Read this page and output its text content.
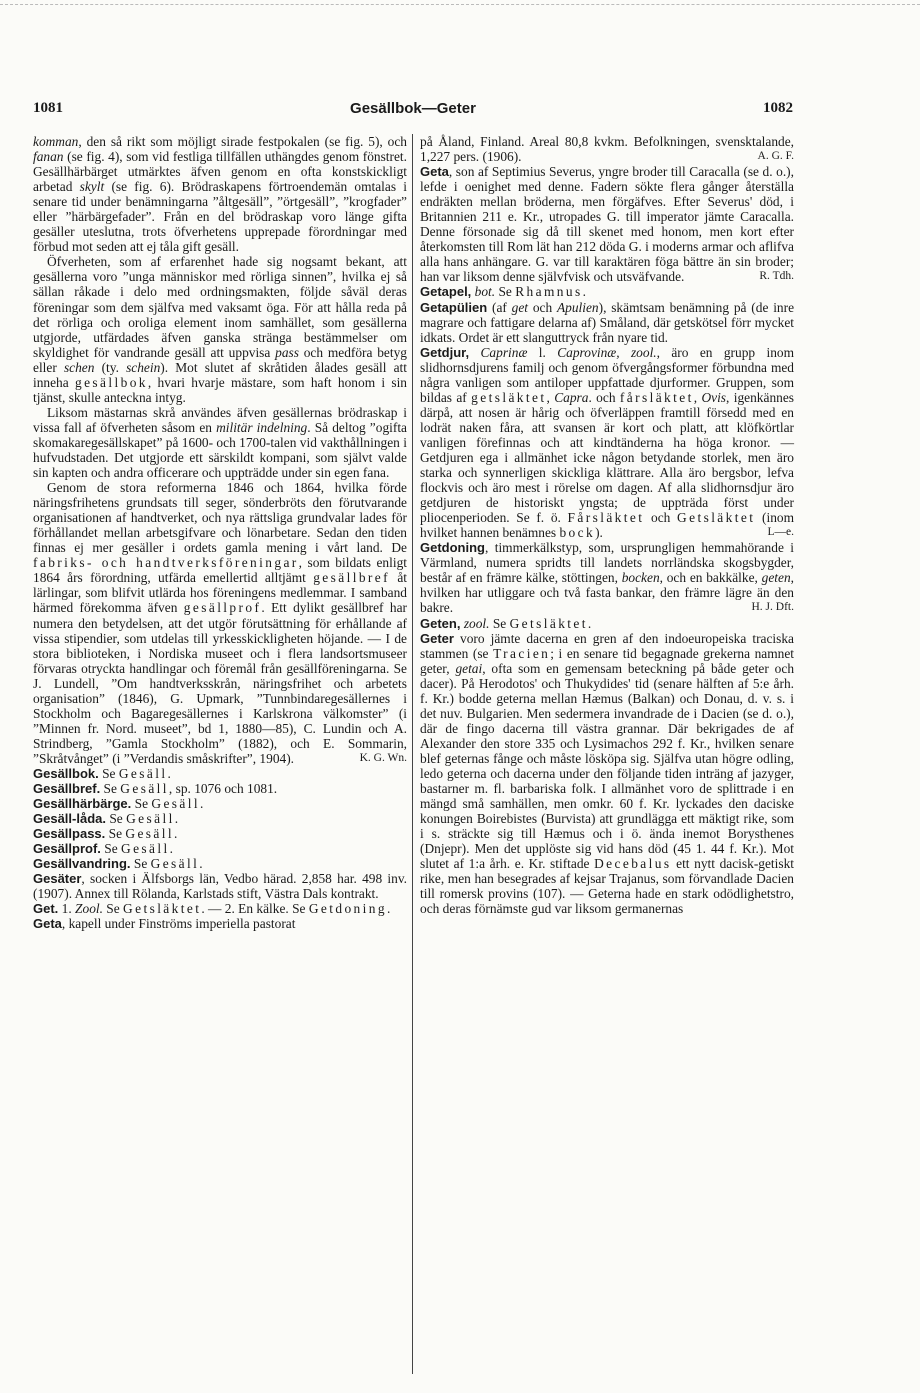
1081	Gesällbok—Geter	1082

komman, den så rikt som möjligt sirade festpokalen (se fig. 5), och fanan (se fig. 4), som vid festliga tillfällen uthängdes genom fönstret. Gesällhärbärget utmärktes äfven genom en ofta konstskickligt arbetad skylt (se fig. 6). Brödraskapens förtroendemän omtalas i senare tid under benämningarna ”åltgesäll”, ”örtgesäll”, ”krogfader” eller ”härbärgefader”. Från en del brödraskap voro länge gifta gesäller uteslutna, trots öfverhetens upprepade förordningar med förbud mot seden att ej tåla gift gesäll.

Öfverheten, som af erfarenhet hade sig nogsamt bekant, att gesällerna voro ”unga människor med rörliga sinnen”, hvilka ej så sällan råkade i delo med ordningsmakten, följde såväl deras föreningar som dem själfva med vaksamt öga. För att hålla reda på det rörliga och oroliga element inom samhället, som gesällerna utgjorde, utfärdades äfven ganska stränga bestämmelser om skyldighet för vandrande gesäll att uppvisa pass och medföra betyg eller schen (ty. schein). Mot slutet af skråtiden ålades gesäll att inneha gesällbok, hvari hvarje mästare, som haft honom i sin tjänst, skulle anteckna intyg.

Liksom mästarnas skrå användes äfven gesällernas brödraskap i vissa fall af öfverheten såsom en militär indelning. Så deltog ”ogifta skomakaregesällskapet” på 1600- och 1700-talen vid vakthållningen i hufvudstaden. Det utgjorde ett särskildt kompani, som självt valde sin kapten och andra officerare och uppträdde under sin egen fana.

Genom de stora reformerna 1846 och 1864, hvilka förde näringsfrihetens grundsats till seger, sönderbröts den förutvarande organisationen af handtverket, och nya rättsliga grundvalar lades för förhållandet mellan arbetsgifvare och lönarbetare. Sedan den tiden finnas ej mer gesäller i ordets gamla mening i vårt land. De fabriks- och handtverksföreningar, som bildats enligt 1864 års förordning, utfärda emellertid alltjämt gesällbref åt lärlingar, som blifvit utlärda hos föreningens medlemmar. I samband härmed förekomma äfven gesällprof. Ett dylikt gesällbref har numera den betydelsen, att det utgör förutsättning för erhållande af vissa stipendier, som utdelas till yrkesskickligheten höjande. — I de stora biblioteken, i Nordiska museet och i flera landsortsmuseer förvaras otryckta handlingar och föremål från gesällföreningarna. Se J. Lundell, ”Om handtverksskrån, näringsfrihet och arbetets organisation” (1846), G. Upmark, ”Tunnbindaregesällernes i Stockholm och Bagaregesällernes i Karlskrona välkomster” (i ”Minnen fr. Nord. museet”, bd 1, 1880—85), C. Lundin och A. Strindberg, ”Gamla Stockholm” (1882), och E. Sommarin, ”Skråtvånget” (i ”Verdandis småskrifter”, 1904).	K. G. Wn.

Gesällbok. Se Gesäll.

Gesällbref. Se Gesäll, sp. 1076 och 1081.

Gesällhärbärge. Se Gesäll.

Gesäll-låda. Se Gesäll.

Gesällpass. Se Gesäll.

Gesällprof. Se Gesäll.

Gesällvandring. Se Gesäll.

Gesäter, socken i Älfsborgs län, Vedbo härad. 2,858 har. 498 inv. (1907). Annex till Rölanda, Karlstads stift, Västra Dals kontrakt.

Get. 1. Zool. Se Getsläktet. — 2. En kälke. Se Getdoning.

Geta, kapell under Finströms imperiella pastorat

på Åland, Finland. Areal 80,8 kvkm. Befolkningen, svensktalande, 1,227 pers. (1906).	A. G. F.

Geta, son af Septimius Severus, yngre broder till Caracalla (se d. o.), lefde i oenighet med denne. Fadern sökte flera gånger återställa endräkten mellan bröderna, men förgäfves. Efter Severus' död, i Britannien 211 e. Kr., utropades G. till imperator jämte Caracalla. Denne försonade sig då till skenet med honom, men kort efter återkomsten till Rom lät han 212 döda G. i moderns armar och aflifva alla hans anhängare. G. var till karaktären föga bättre än sin broder; han var liksom denne självfvisk och utsväfvande.	R. Tdh.

Getapel, bot. Se Rhamnus.

Getapülien (af get och Apulien), skämtsam benämning på (de inre magrare och fattigare delarna af) Småland, där getskötsel förr mycket idkats. Ordet är ett slanguttryck från nyare tid.

Getdjur, Caprinæ l. Caprovinæ, zool., äro en grupp inom slidhornsdjurens familj och genom öfvergångsformer förbundna med några vanligen som antiloper uppfattade djurformer. Gruppen, som bildas af getsläktet, Capra. och fårsläktet, Ovis, igenkännes därpå, att nosen är hårig och öfverläppen framtill försedd med en lodrät naken fåra, att svansen är kort och platt, att klöfkörtlar vanligen förefinnas och att kindtänderna ha höga kronor. — Getdjuren ega i allmänhet icke någon betydande storlek, men äro starka och synnerligen skickliga klättrare. Alla äro bergsbor, lefva flockvis och äro mest i rörelse om dagen. Af alla slidhornsdjur äro getdjuren de historiskt yngsta; de uppträda först under pliocenperioden. Se f. ö. Fårsläktet och Getsläktet (inom hvilket hannen benämnes bock).	L—e.

Getdoning, timmerkälkstyp, som, ursprungligen hemmahörande i Värmland, numera spridts till landets norrländska skogsbygder, består af en främre kälke, stöttingen, bocken, och en bakkälke, geten, hvilken har utliggare och två fasta bankar, den främre lägre än den bakre.	H. J. Dft.

Geten, zool. Se Getsläktet.

Geter voro jämte dacerna en gren af den indoeuropeiska traciska stammen (se Tracien; i en senare tid begagnade grekerna namnet geter, getai, ofta som en gemensam beteckning på både geter och dacer). På Herodotos' och Thukydides' tid (senare hälften af 5:e årh. f. Kr.) bodde geterna mellan Hæmus (Balkan) och Donau, d. v. s. i det nuv. Bulgarien. Men sedermera invandrade de i Dacien (se d. o.), där de fingo dacerna till västra grannar. Där bekrigades de af Alexander den store 335 och Lysimachos 292 f. Kr., hvilken senare blef geternas fånge och måste lösköpa sig. Själfva utan högre odling, ledo geterna och dacerna under den följande tiden inträng af jazyger, bastarner m. fl. barbariska folk. I allmänhet voro de splittrade i en mängd små samhällen, men omkr. 60 f. Kr. lyckades den daciske konungen Boirebistes (Burvista) att grundlägga ett mäktigt rike, som i s. sträckte sig till Hæmus och i ö. ända inemot Borysthenes (Dnjepr). Men det upplöste sig vid hans död (45 1. 44 f. Kr.). Mot slutet af 1:a årh. e. Kr. stiftade Decebalus ett nytt dacisk-getiskt rike, men han besegrades af kejsar Trajanus, som förvandlade Dacien till romersk provins (107). — Geterna hade en stark odödlighetstro, och deras förnämste gud var liksom germanernas
